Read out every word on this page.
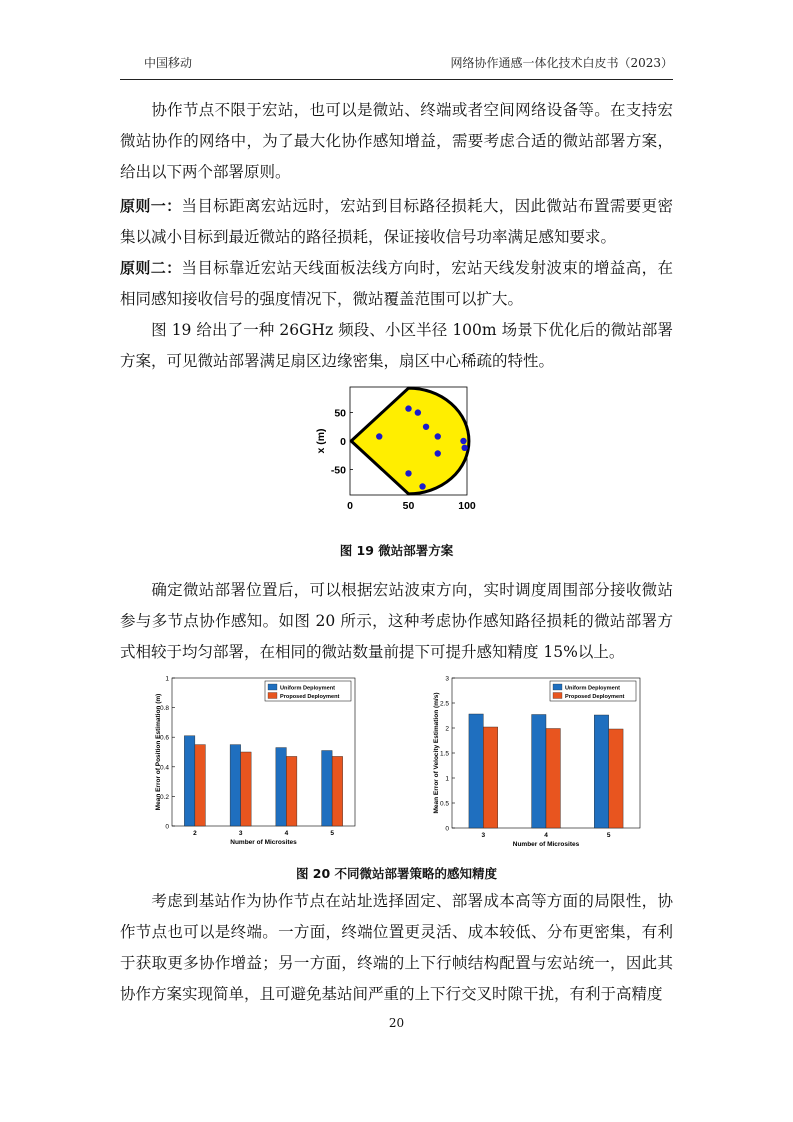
中国移动	网络协作通感一体化技术白皮书（2023）
协作节点不限于宏站，也可以是微站、终端或者空间网络设备等。在支持宏微站协作的网络中，为了最大化协作感知增益，需要考虑合适的微站部署方案，给出以下两个部署原则。
原则一：当目标距离宏站远时，宏站到目标路径损耗大，因此微站布置需要更密集以减小目标到最近微站的路径损耗，保证接收信号功率满足感知要求。
原则二：当目标靠近宏站天线面板法线方向时，宏站天线发射波束的增益高，在相同感知接收信号的强度情况下，微站覆盖范围可以扩大。
图 19 给出了一种 26GHz 频段、小区半径 100m 场景下优化后的微站部署方案，可见微站部署满足扇区边缘密集，扇区中心稀疏的特性。
50
0
-50
0	50	100
x (m)
图 19 微站部署方案
确定微站部署位置后，可以根据宏站波束方向，实时调度周围部分接收微站参与多节点协作感知。如图 20 所示，这种考虑协作感知路径损耗的微站部署方式相较于均匀部署，在相同的微站数量前提下可提升感知精度 15%以上。
0
0.2
0.4
0.6
0.8
1
2	3	4	5
Number of Microsites
Mean Error of Position Estimation (m)
Uniform Deployment
Proposed Deployment
0
0.5
1
1.5
2
2.5
3
3	4	5
Number of Microsites
Mean Error of Velocity Estimation (m/s)
Uniform Deployment
Proposed Deployment
图 20 不同微站部署策略的感知精度
考虑到基站作为协作节点在站址选择固定、部署成本高等方面的局限性，协作节点也可以是终端。一方面，终端位置更灵活、成本较低、分布更密集，有利于获取更多协作增益；另一方面，终端的上下行帧结构配置与宏站统一，因此其协作方案实现简单，且可避免基站间严重的上下行交叉时隙干扰，有利于高精度
20
